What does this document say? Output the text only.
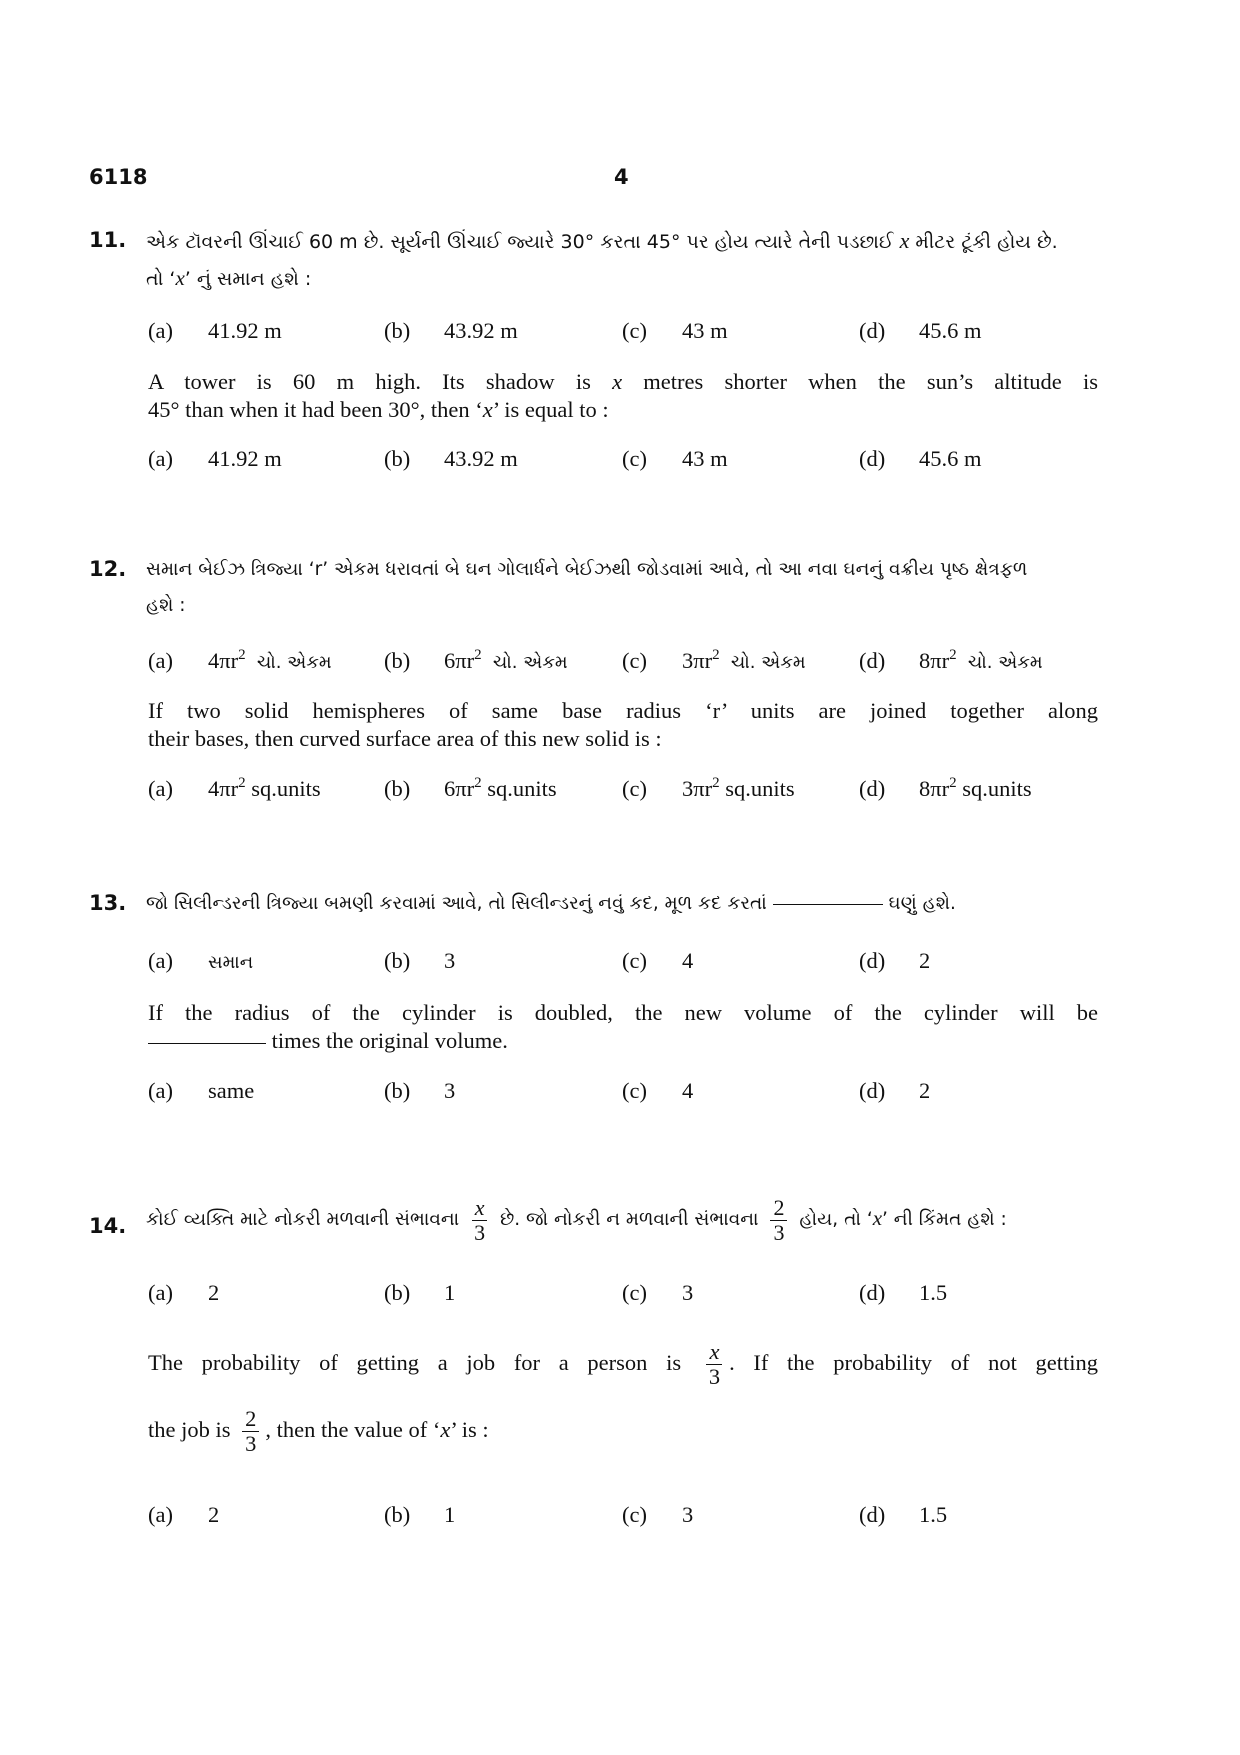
6118	4
11. એક ટૉવરની ઊંચાઈ 60 m છે. સૂર્યની ઊંચાઈ જ્યારે 30° કરતા 45° પર હોય ત્યારે તેની પડછાઈ x મીટર ટૂંકી હોય છે.
તો ‘x’ નું સમાન હશે :
(a) 41.92 m	(b) 43.92 m	(c) 43 m	(d) 45.6 m
A tower is 60 m high. Its shadow is x metres shorter when the sun’s altitude is
45° than when it had been 30°, then ‘x’ is equal to :
(a) 41.92 m	(b) 43.92 m	(c) 43 m	(d) 45.6 m
12. સમાન બેઈઝ ત્રિજ્યા ‘r’ એકમ ધરાવતાં બે ઘન ગોલાર્ધને બેઈઝથી જોડવામાં આવે, તો આ નવા ઘનનું વક્રીય પૃષ્ઠ ક્ષેત્રફળ
હશે :
(a) $4\pi r^2$ ચો. એકમ (b) $6\pi r^2$ ચો. એકમ (c) $3\pi r^2$ ચો. એકમ (d) $8\pi r^2$ ચો. એકમ
If two solid hemispheres of same base radius ‘r’ units are joined together along
their bases, then curved surface area of this new solid is :
(a) $4\pi r^2$ sq.units	(b) $6\pi r^2$ sq.units	(c) $3\pi r^2$ sq.units	(d) $8\pi r^2$ sq.units
13. જો સિલીન્ડરની ત્રિજ્યા બમણી કરવામાં આવે, તો સિલીન્ડરનું નવું કદ, મૂળ કદ કરતાં	ઘણું હશે.
(a) સમાન	(b) 3	(c) 4	(d) 2
If the radius of the cylinder is doubled, the new volume of the cylinder will be
times the original volume.
(a) same	(b) 3	(c) 4	(d) 2
14. કોઈ વ્યક્તિ માટે નોકરી મળવાની સંભાવના $\frac{x}{3}$ છે. જો નોકરી ન મળવાની સંભાવના $\frac{2}{3}$ હોય, તો ‘x’ ની કિંમત હશે :
(a) 2	(b) 1	(c) 3	(d) 1.5
The probability of getting a job for a person is $\frac{x}{3}$ . If the probability of not getting
the job is $\frac{2}{3}$ , then the value of ‘x’ is :
(a) 2	(b) 1	(c) 3	(d) 1.5
